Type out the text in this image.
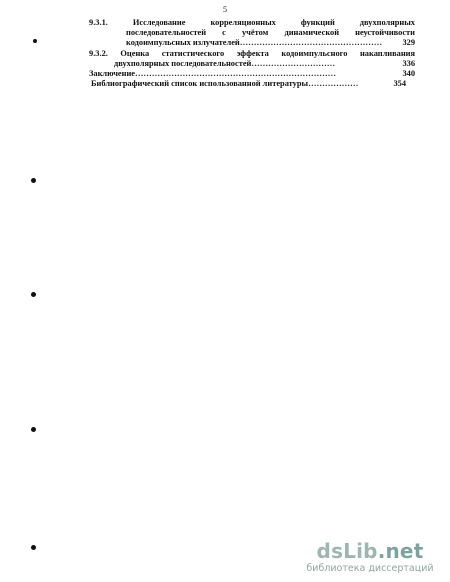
5
9.3.1.	Исследование корреляционных функций двухполярных
последовательностей с учётом динамической неустойчивости
кодоимпульсных излучателей ……………………………………………	329
9.3.2. Оценка статистического эффекта кодоимпульсного накапливания
двухполярных последовательностей …………………………	336
Заключение ………………………………………………………………	340
Библиографический список использованной литературы ………………	354
dsLib.net
библиотека диссертаций
